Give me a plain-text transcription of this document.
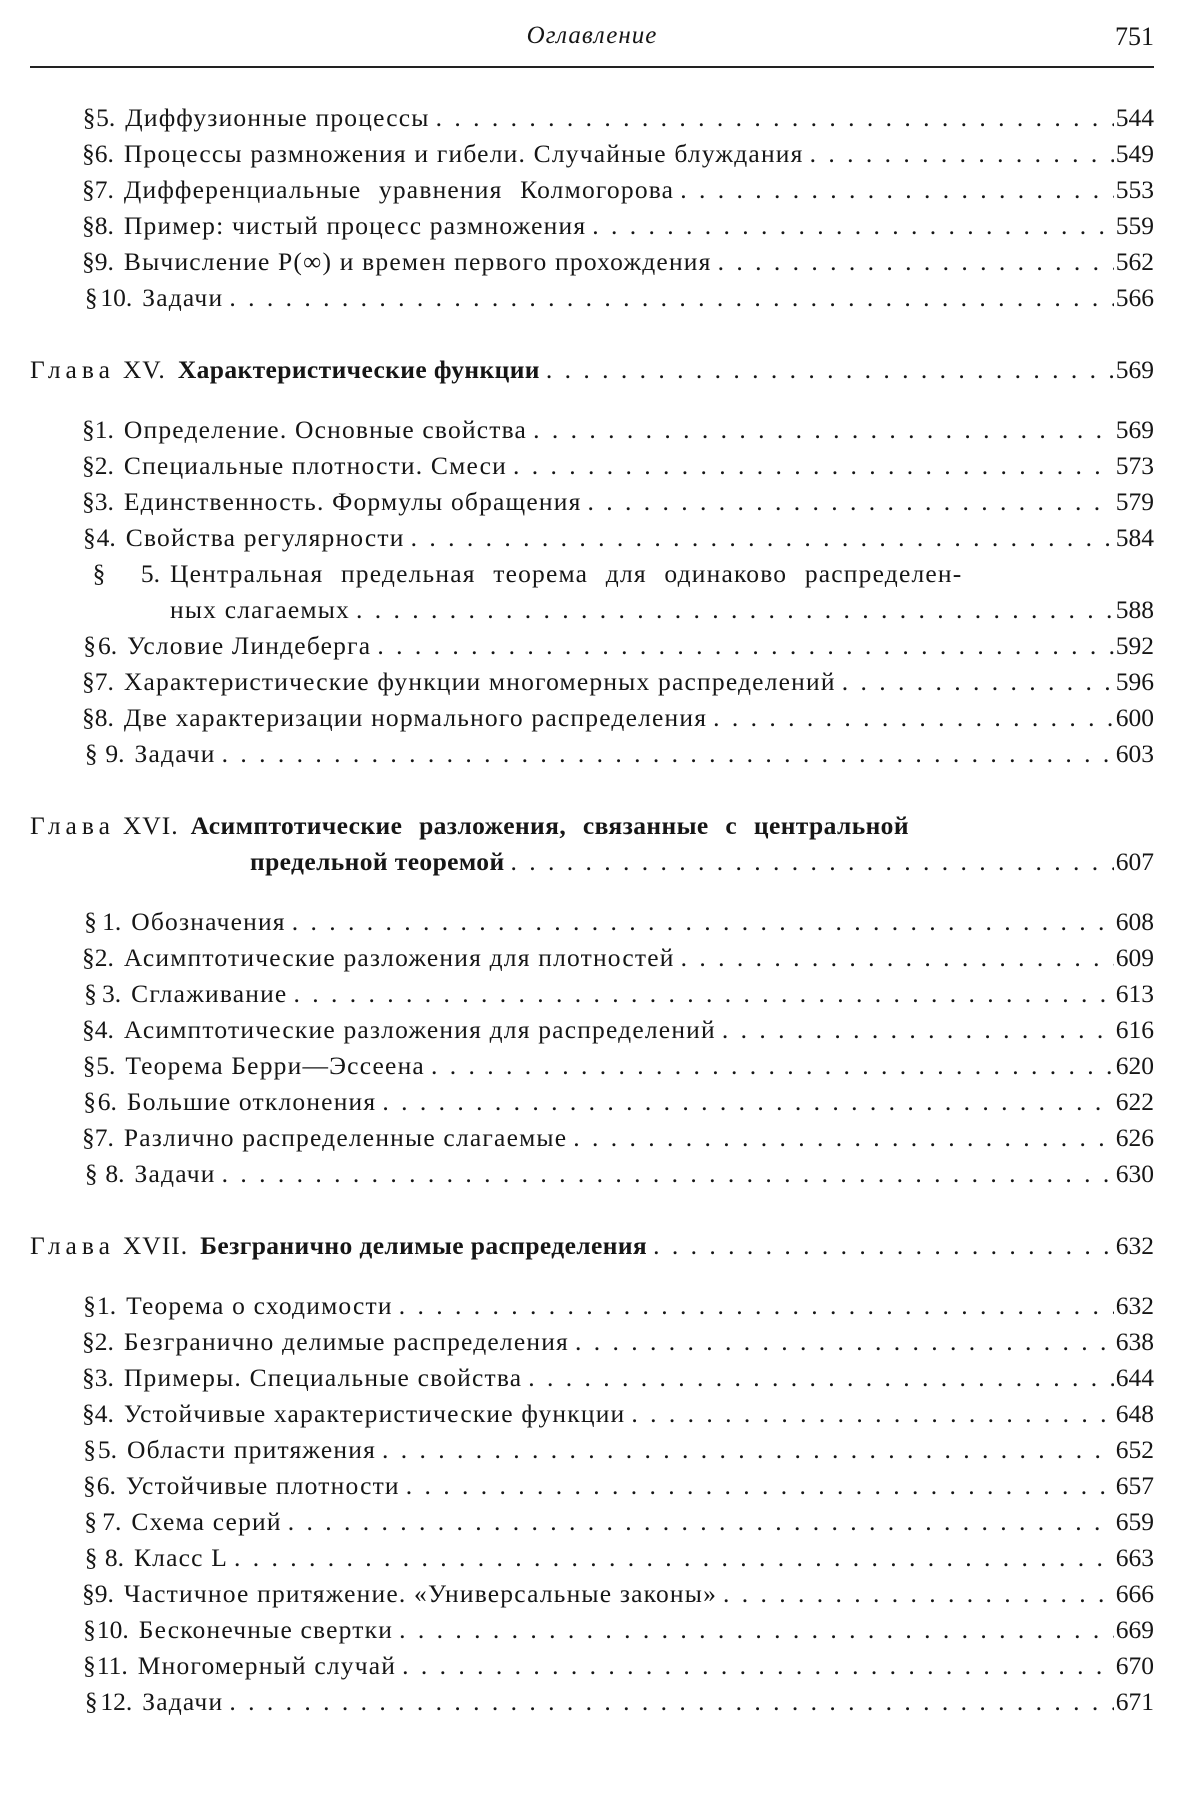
Оглавление	751
§ 5. Диффузионные процессы . . .	544
§ 6. Процессы размножения и гибели. Случайные блуждания . . .	549
§ 7. Дифференциальные уравнения Колмогорова . . .	553
§ 8. Пример: чистый процесс размножения . . .	559
§ 9. Вычисление P(∞) и времен первого прохождения . . .	562
§ 10. Задачи . . .	566
Глава XV. Характеристические функции . . .	569
§ 1. Определение. Основные свойства . . .	569
§ 2. Специальные плотности. Смеси . . .	573
§ 3. Единственность. Формулы обращения . . .	579
§ 4. Свойства регулярности . . .	584
§	5. Центральная предельная теорема для одинаково распределен-
ных слагаемых . . .	588
§ 6. Условие Линдеберга . . .	592
§ 7. Характеристические функции многомерных распределений . . .	596
§ 8. Две характеризации нормального распределения . . .	600
§ 9. Задачи . . .	603
Глава XVI. Асимптотические разложения, связанные с центральной
предельной теоремой . . .	607
§ 1. Обозначения . . .	608
§ 2. Асимптотические разложения для плотностей . . .	609
§ 3. Сглаживание . . .	613
§ 4. Асимптотические разложения для распределений . . .	616
§ 5. Теорема Берри—Эссеена . . .	620
§ 6. Большие отклонения . . .	622
§ 7. Различно распределенные слагаемые . . .	626
§ 8. Задачи . . .	630
Глава XVII. Безгранично делимые распределения . . .	632
§ 1. Теорема о сходимости . . .	632
§ 2. Безгранично делимые распределения . . .	638
§ 3. Примеры. Специальные свойства . . .	644
§ 4. Устойчивые характеристические функции . . .	648
§ 5. Области притяжения . . .	652
§ 6. Устойчивые плотности . . .	657
§ 7. Схема серий . . .	659
§ 8. Класс L . . .	663
§ 9. Частичное притяжение. «Универсальные законы» . . .	666
§ 10. Бесконечные свертки . . .	669
§ 11. Многомерный случай . . .	670
§ 12. Задачи . . .	671
